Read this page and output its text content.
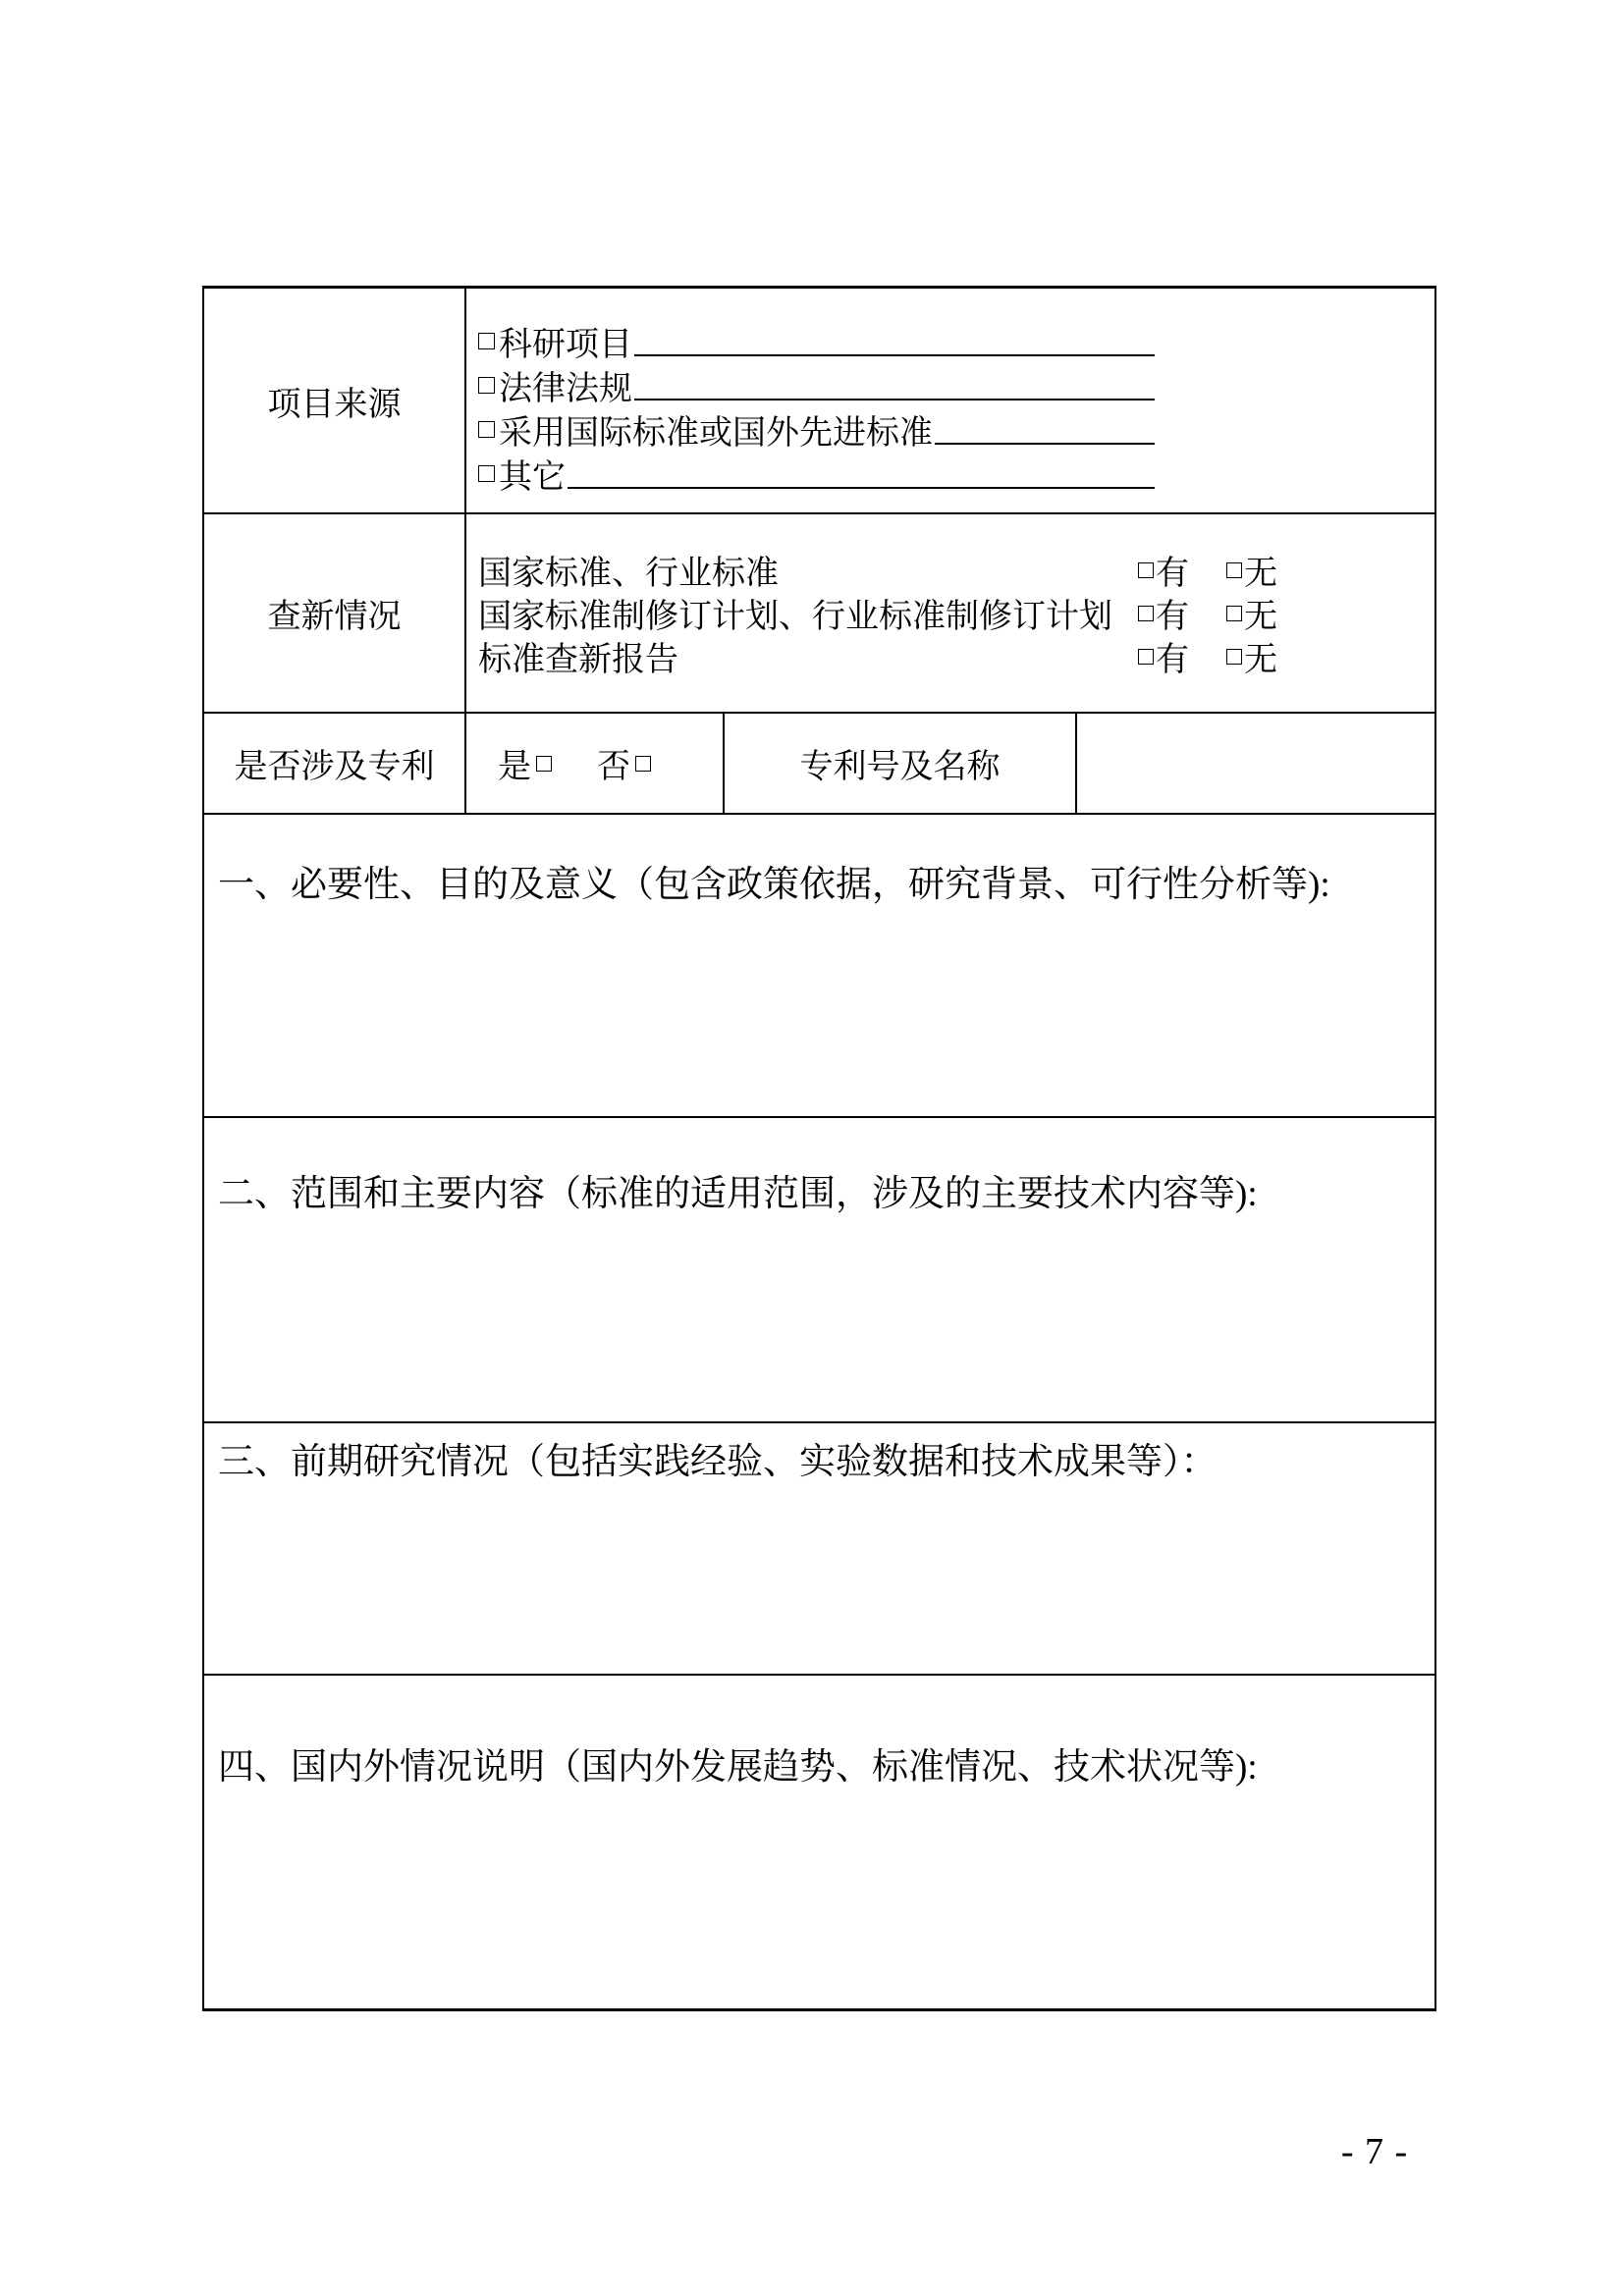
项目来源
科研项目
法律法规
采用国际标准或国外先进标准
其它
查新情况
国家标准、行业标准	有 无
国家标准制修订计划、行业标准制修订计划 有 无
标准查新报告	有 无
是否涉及专利	是 否	专利号及名称
一、必要性、目的及意义（包含政策依据，研究背景、可行性分析等):
二、范围和主要内容（标准的适用范围，涉及的主要技术内容等):
三、前期研究情况（包括实践经验、实验数据和技术成果等）：
四、国内外情况说明（国内外发展趋势、标准情况、技术状况等):
- 7 -
